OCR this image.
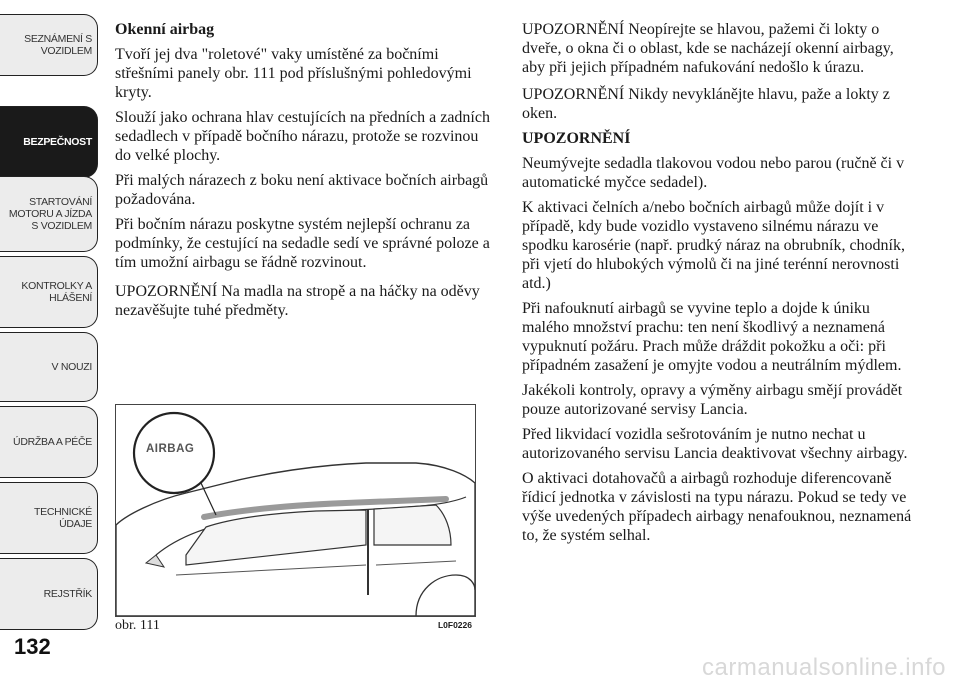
SEZNÁMENÍ S
VOZIDLEM
BEZPEČNOST
STARTOVÁNÍ
MOTORU A JÍZDA
S VOZIDLEM
KONTROLKY A
HLÁŠENÍ
V NOUZI
ÚDRŽBA A PÉČE
TECHNICKÉ
ÚDAJE
REJSTŘÍK
132

Okenní airbag

Tvoří jej dva "roletové" vaky umístěné za bočními střešními panely obr. 111 pod příslušnými pohledovými kryty.

Slouží jako ochrana hlav cestujících na předních a zadních sedadlech v případě bočního nárazu, protože se rozvinou do velké plochy.

Při malých nárazech z boku není aktivace bočních airbagů požadována.

Při bočním nárazu poskytne systém nejlepší ochranu za podmínky, že cestující na sedadle sedí ve správné poloze a tím umožní airbagu se řádně rozvinout.

UPOZORNĚNÍ Na madla na stropě a na háčky na oděvy nezavěšujte tuhé předměty.

AIRBAG
obr. 111	L0F0226

UPOZORNĚNÍ Neopírejte se hlavou, pažemi či lokty o dveře, o okna či o oblast, kde se nacházejí okenní airbagy, aby při jejich případném nafukování nedošlo k úrazu.

UPOZORNĚNÍ Nikdy nevyklánějte hlavu, paže a lokty z oken.

UPOZORNĚNÍ

Neumývejte sedadla tlakovou vodou nebo parou (ručně či v automatické myčce sedadel).

K aktivaci čelních a/nebo bočních airbagů může dojít i v případě, kdy bude vozidlo vystaveno silnému nárazu ve spodku karosérie (např. prudký náraz na obrubník, chodník, při vjetí do hlubokých výmolů či na jiné terénní nerovnosti atd.)

Při nafouknutí airbagů se vyvine teplo a dojde k úniku malého množství prachu: ten není škodlivý a neznamená vypuknutí požáru. Prach může dráždit pokožku a oči: při případném zasažení je omyjte vodou a neutrálním mýdlem.

Jakékoli kontroly, opravy a výměny airbagu smějí provádět pouze autorizované servisy Lancia.

Před likvidací vozidla sešrotováním je nutno nechat u autorizovaného servisu Lancia deaktivovat všechny airbagy.

O aktivaci dotahovačů a airbagů rozhoduje diferencovaně řídicí jednotka v závislosti na typu nárazu. Pokud se tedy ve výše uvedených případech airbagy nenafouknou, neznamená to, že systém selhal.

carmanualsonline.info
